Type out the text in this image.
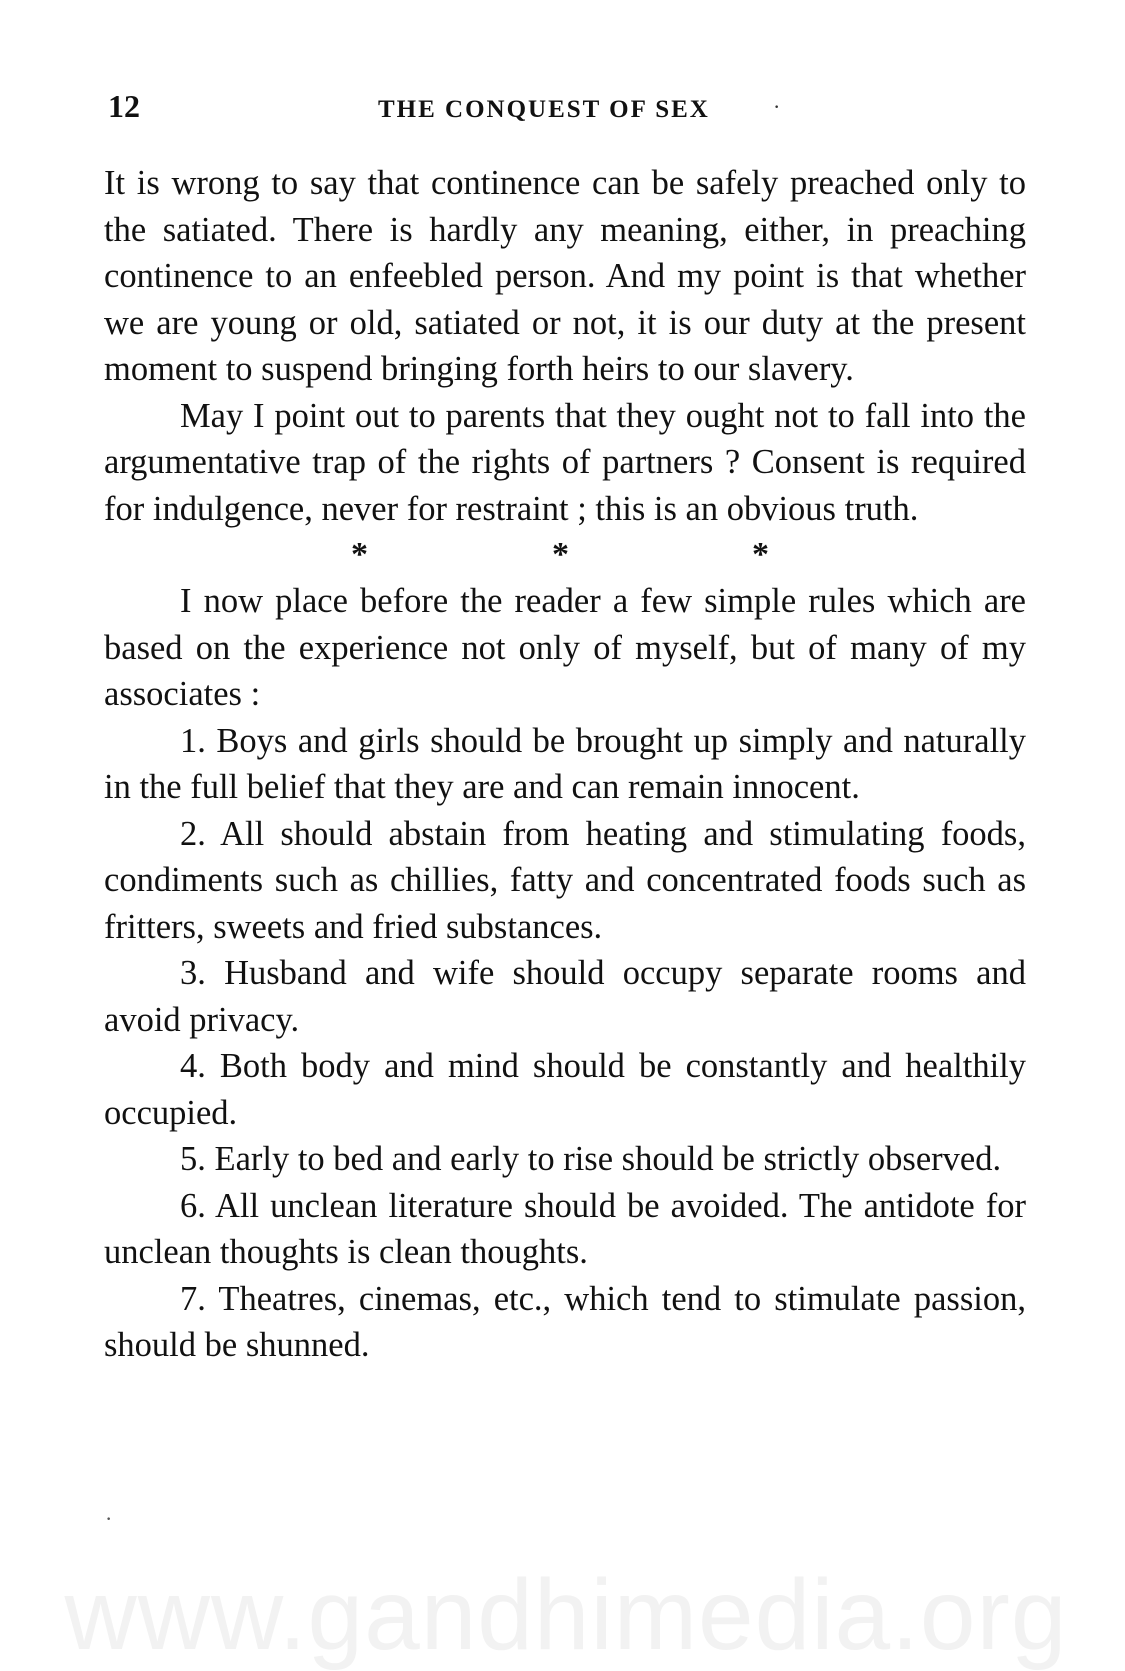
12	THE CONQUEST OF SEX	·

It is wrong to say that continence can be safely preached only to the satiated. There is hardly any meaning, either, in preaching continence to an enfeebled person. And my point is that whether we are young or old, satiated or not, it is our duty at the present moment to suspend bringing forth heirs to our slavery.

May I point out to parents that they ought not to fall into the argumentative trap of the rights of partners ? Consent is required for indulgence, never for restraint ; this is an obvious truth.

*	*	*

I now place before the reader a few simple rules which are based on the experience not only of myself, but of many of my associates :

1. Boys and girls should be brought up simply and naturally in the full belief that they are and can remain innocent.

2. All should abstain from heating and stimulating foods, condiments such as chillies, fatty and concentrated foods such as fritters, sweets and fried substances.

3. Husband and wife should occupy separate rooms and avoid privacy.

4. Both body and mind should be constantly and healthily occupied.

5. Early to bed and early to rise should be strictly observed.

6. All unclean literature should be avoided. The antidote for unclean thoughts is clean thoughts.

7. Theatres, cinemas, etc., which tend to stimulate passion, should be shunned.

·
www.gandhimedia.org
